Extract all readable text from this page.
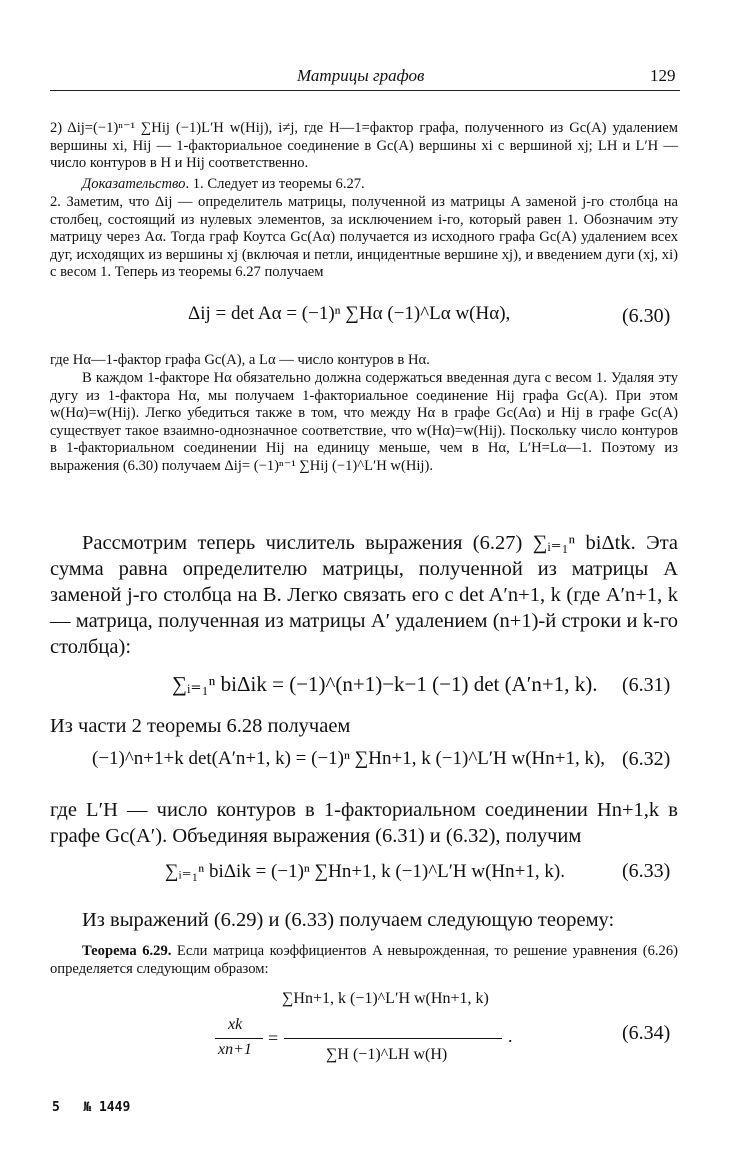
Матрицы графов	129

2) Δij=(−1)ⁿ⁻¹ ∑Hij (−1)L′H w(Hij), i≠j, где H—1=фактор графа, полученного из Gc(A) удалением вершины xi, Hij — 1-факториальное соединение в Gc(A) вершины xi с вершиной xj; LH и L′H — число контуров в H и Hij соответственно.

Доказательство. 1. Следует из теоремы 6.27.

2. Заметим, что Δij — определитель матрицы, полученной из матрицы A заменой j-го столбца на столбец, состоящий из нулевых элементов, за исключением i-го, который равен 1. Обозначим эту матрицу через Aα. Тогда граф Коутса Gc(Aα) получается из исходного графа Gc(A) удалением всех дуг, исходящих из вершины xj (включая и петли, инцидентные вершине xj), и введением дуги (xj, xi) с весом 1. Теперь из теоремы 6.27 получаем

Δij = det Aα = (−1)ⁿ ∑Hα (−1)^Lα w(Hα),	(6.30)

где Hα—1-фактор графа Gc(A), а Lα — число контуров в Hα.

В каждом 1-факторе Hα обязательно должна содержаться введенная дуга с весом 1. Удаляя эту дугу из 1-фактора Hα, мы получаем 1-факториальное соединение Hij графа Gc(A). При этом w(Hα)=w(Hij). Легко убедиться также в том, что между Hα в графе Gc(Aα) и Hij в графе Gc(A) существует такое взаимно-однозначное соответствие, что w(Hα)=w(Hij). Поскольку число контуров в 1-факториальном соединении Hij на единицу меньше, чем в Hα, L′H=Lα—1. Поэтому из выражения (6.30) получаем Δij= (−1)ⁿ⁻¹ ∑Hij (−1)^L′H w(Hij).

Рассмотрим теперь числитель выражения (6.27) ∑ᵢ₌₁ⁿ biΔtk. Эта сумма равна определителю матрицы, полученной из матрицы A заменой j-го столбца на B. Легко связать его с det A′n+1, k (где A′n+1, k — матрица, полученная из матрицы A′ удалением (n+1)-й строки и k-го столбца):

∑ᵢ₌₁ⁿ biΔik = (−1)^(n+1)−k−1 (−1) det (A′n+1, k). (6.31)

Из части 2 теоремы 6.28 получаем

(−1)^n+1+k det(A′n+1, k) = (−1)ⁿ ∑Hn+1, k (−1)^L′H w(Hn+1, k), (6.32)

где L′H — число контуров в 1-факториальном соединении Hn+1,k в графе Gc(A′). Объединяя выражения (6.31) и (6.32), получим

∑ᵢ₌₁ⁿ biΔik = (−1)ⁿ ∑Hn+1, k (−1)^L′H w(Hn+1, k).	(6.33)

Из выражений (6.29) и (6.33) получаем следующую теорему:

Теорема 6.29. Если матрица коэффициентов A невырожденная, то решение уравнения (6.26) определяется следующим образом:

xk
xn+1
=
∑Hn+1, k (−1)^L′H w(Hn+1, k)
∑H (−1)^LH w(H)
.	(6.34)
5 № 1449
